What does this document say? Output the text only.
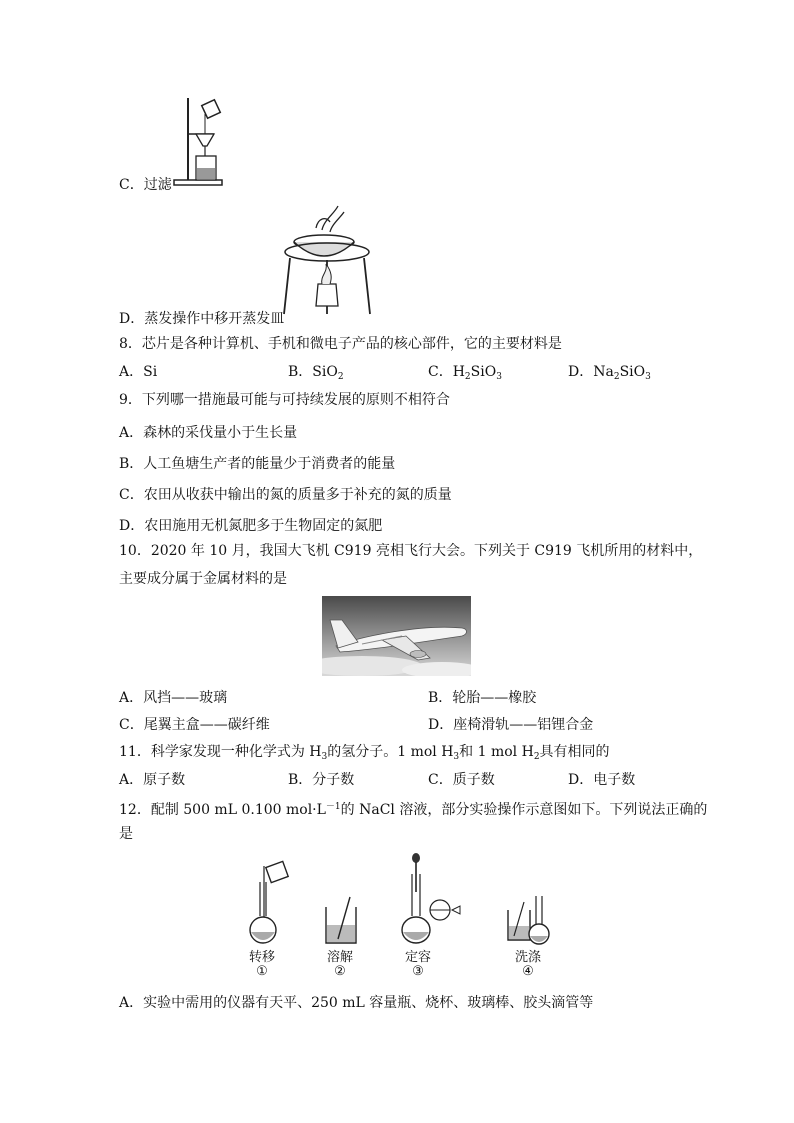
C．过滤
D．蒸发操作中移开蒸发皿
8．芯片是各种计算机、手机和微电子产品的核心部件，它的主要材料是
A．Si	B．SiO$_2$	C．$H_2SiO_3$	D．$Na_2SiO_3$
9．下列哪一措施最可能与可持续发展的原则不相符合
A．森林的采伐量小于生长量
B．人工鱼塘生产者的能量少于消费者的能量
C．农田从收获中输出的氮的质量多于补充的氮的质量
D．农田施用无机氮肥多于生物固定的氮肥
10．2020 年 10 月，我国大飞机 C919 亮相飞行大会。下列关于 C919 飞机所用的材料中，
主要成分属于金属材料的是
A．风挡——玻璃	B．轮胎——橡胶
C．尾翼主盒——碳纤维	D．座椅滑轨——铝锂合金
11．科学家发现一种化学式为 $H_3$的氢分子。1 mol $H_3$和 1 mol $H_2$具有相同的
A．原子数	B．分子数	C．质子数	D．电子数
12．配制 500 mL 0.100 $mol\cdot L^{-1}$的 NaCl 溶液，部分实验操作示意图如下。下列说法正确的
是
转移	溶解	定容	洗涤
①	②	③	④
A．实验中需用的仪器有天平、250 mL 容量瓶、烧杯、玻璃棒、胶头滴管等
